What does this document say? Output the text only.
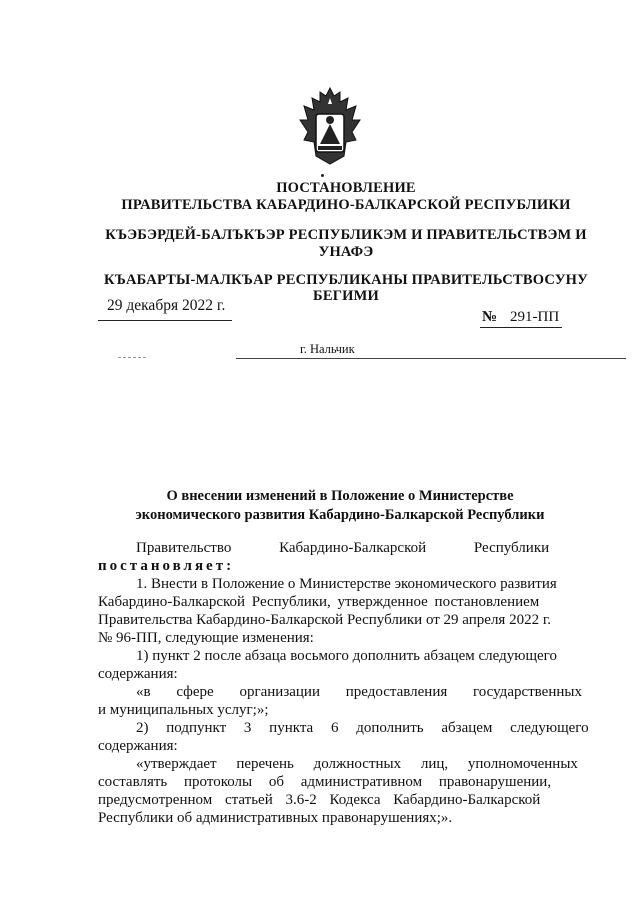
ПОСТАНОВЛЕНИЕ
ПРАВИТЕЛЬСТВА КАБАРДИНО-БАЛКАРСКОЙ РЕСПУБЛИКИ
КЪЭБЭРДЕЙ-БАЛЪКЪЭР РЕСПУБЛИКЭМ И ПРАВИТЕЛЬСТВЭМ И
УНАФЭ
КЪАБАРТЫ-МАЛКЪАР РЕСПУБЛИКАНЫ ПРАВИТЕЛЬСТВОСУНУ
БЕГИМИ
29 декабря 2022 г.
№ 291-ПП
г. Нальчик
О внесении изменений в Положение о Министерстве
экономического развития Кабардино-Балкарской Республики
Правительство Кабардино-Балкарской Республики
постановляет:
1. Внести в Положение о Министерстве экономического развития
Кабардино-Балкарской Республики, утвержденное постановлением
Правительства Кабардино-Балкарской Республики от 29 апреля 2022 г.
№ 96-ПП, следующие изменения:
1) пункт 2 после абзаца восьмого дополнить абзацем следующего
содержания:
«в сфере организации предоставления государственных
и муниципальных услуг;»;
2) подпункт 3 пункта 6 дополнить абзацем следующего
содержания:
«утверждает перечень должностных лиц, уполномоченных
составлять протоколы об административном правонарушении,
предусмотренном статьей 3.6-2 Кодекса Кабардино-Балкарской
Республики об административных правонарушениях;».
